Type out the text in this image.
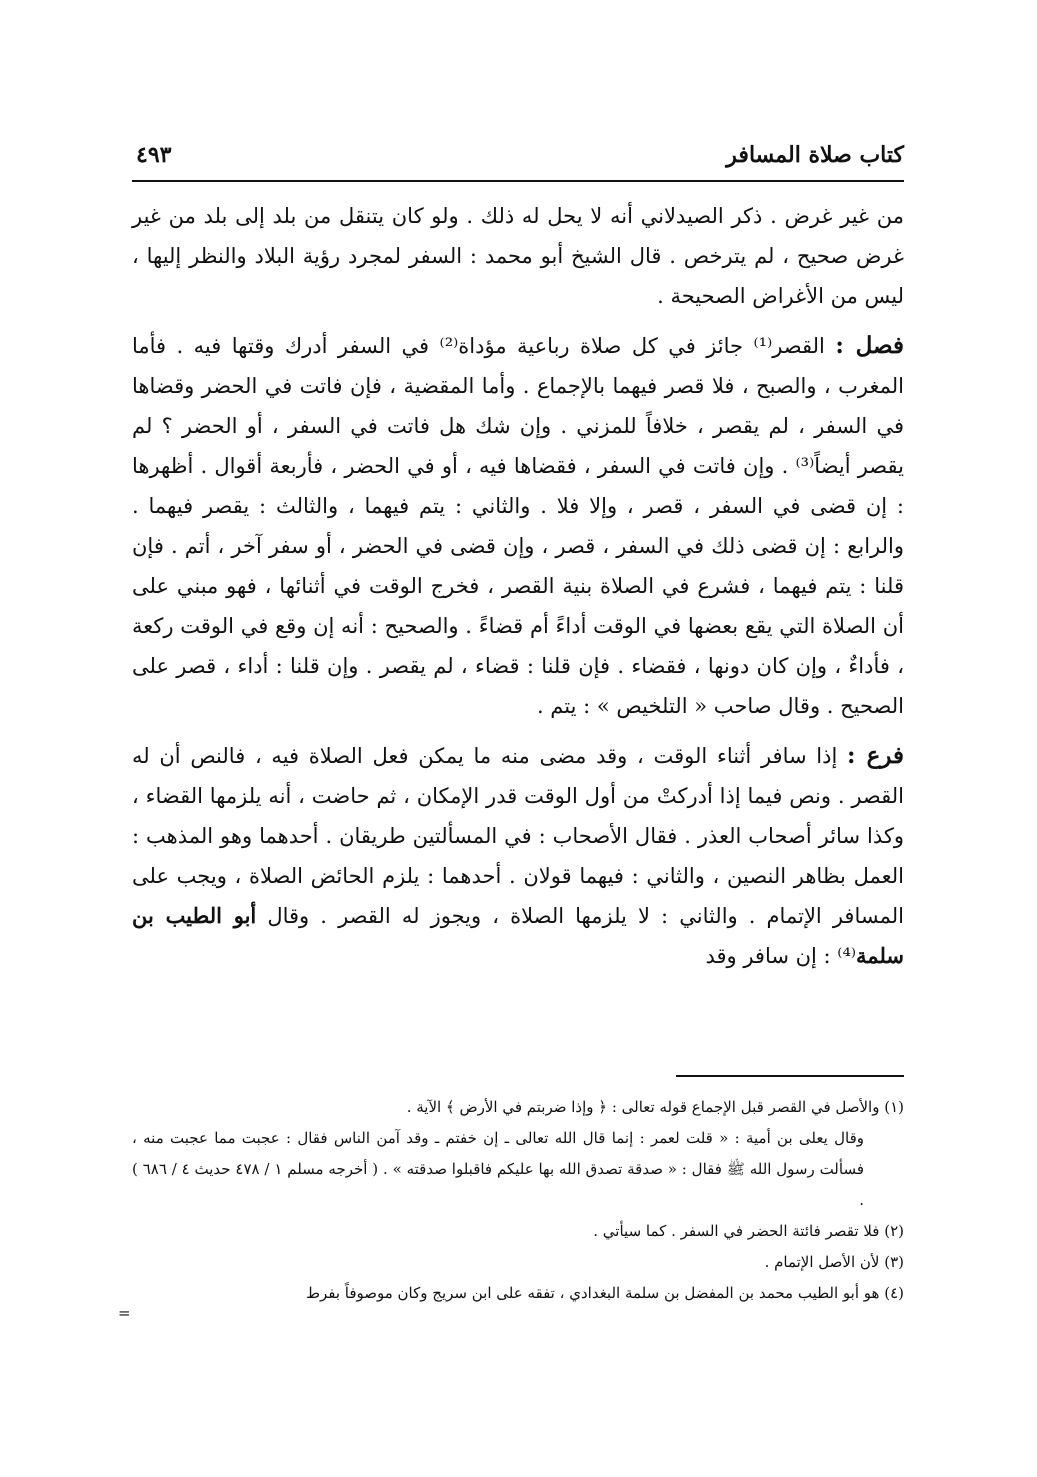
كتاب صلاة المسافر
٤٩٣

من غير غرض . ذكر الصيدلاني أنه لا يحل له ذلك . ولو كان يتنقل من بلد إلى بلد من غير غرض صحيح ، لم يترخص . قال الشيخ أبو محمد : السفر لمجرد رؤية البلاد والنظر إليها ، ليس من الأغراض الصحيحة .

فصل : القصر⁽¹⁾ جائز في كل صلاة رباعية مؤداة⁽²⁾ في السفر أدرك وقتها فيه . فأما المغرب ، والصبح ، فلا قصر فيهما بالإجماع . وأما المقضية ، فإن فاتت في الحضر وقضاها في السفر ، لم يقصر ، خلافاً للمزني . وإن شك هل فاتت في السفر ، أو الحضر ؟ لم يقصر أيضاً⁽³⁾ . وإن فاتت في السفر ، فقضاها فيه ، أو في الحضر ، فأربعة أقوال . أظهرها : إن قضى في السفر ، قصر ، وإلا فلا . والثاني : يتم فيهما ، والثالث : يقصر فيهما . والرابع : إن قضى ذلك في السفر ، قصر ، وإن قضى في الحضر ، أو سفر آخر ، أتم . فإن قلنا : يتم فيهما ، فشرع في الصلاة بنية القصر ، فخرج الوقت في أثنائها ، فهو مبني على أن الصلاة التي يقع بعضها في الوقت أداءً أم قضاءً . والصحيح : أنه إن وقع في الوقت ركعة ، فأداءٌ ، وإن كان دونها ، فقضاء . فإن قلنا : قضاء ، لم يقصر . وإن قلنا : أداء ، قصر على الصحيح . وقال صاحب « التلخيص » : يتم .

فرع : إذا سافر أثناء الوقت ، وقد مضى منه ما يمكن فعل الصلاة فيه ، فالنص أن له القصر . ونص فيما إذا أدركتْ من أول الوقت قدر الإمكان ، ثم حاضت ، أنه يلزمها القضاء ، وكذا سائر أصحاب العذر . فقال الأصحاب : في المسألتين طريقان . أحدهما وهو المذهب : العمل بظاهر النصين ، والثاني : فيهما قولان . أحدهما : يلزم الحائض الصلاة ، ويجب على المسافر الإتمام . والثاني : لا يلزمها الصلاة ، ويجوز له القصر . وقال أبو الطيب بن سلمة⁽⁴⁾ : إن سافر وقد

(١) والأصل في القصر قبل الإجماع قوله تعالى : ﴿ وإذا ضربتم في الأرض ﴾ الآية .

وقال يعلى بن أمية : « قلت لعمر : إنما قال الله تعالى ـ إن خفتم ـ وقد آمن الناس فقال : عجبت مما عجبت منه ، فسألت رسول الله ﷺ فقال : « صدقة تصدق الله بها عليكم فاقبلوا صدقته » . ( أخرجه مسلم ١ / ٤٧٨ حديث ٤ / ٦٨٦ ) .

(٢) فلا تقصر فائتة الحضر في السفر . كما سيأتي .

(٣) لأن الأصل الإتمام .

(٤) هو أبو الطيب محمد بن المفضل بن سلمة البغدادي ، تفقه على ابن سريج وكان موصوفاً بفرط

=
